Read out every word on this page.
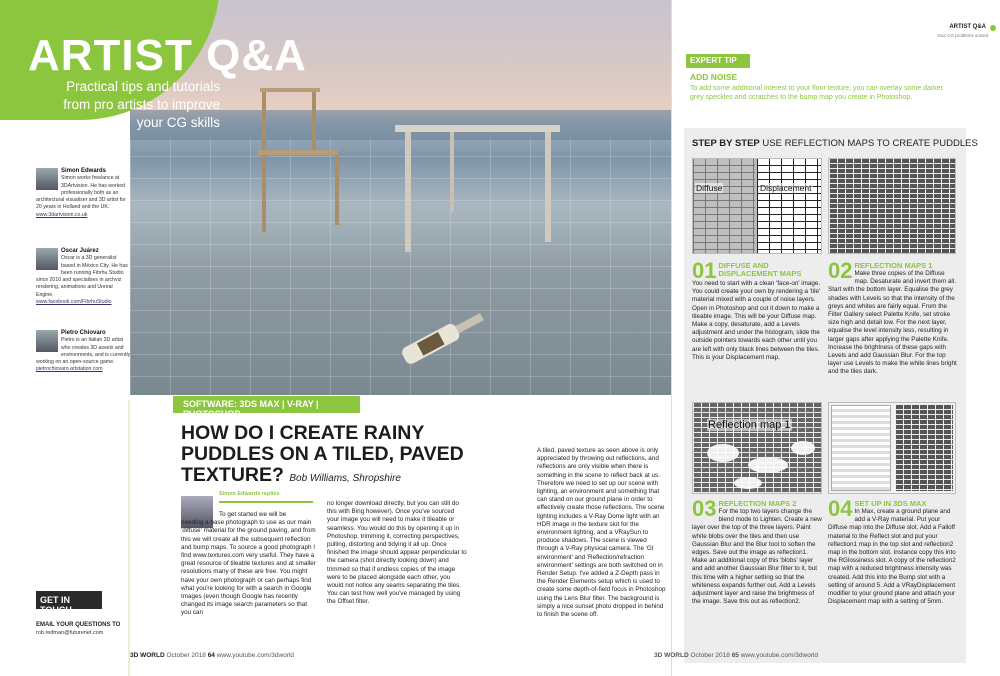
ARTIST Q&A
Practical tips and tutorials from pro artists to improve your CG skills
Simon Edwards
Simon works freelance at 3DArtvision. He has worked professionally both as an architectural visualiser and 3D artist for 20 years in Holland and the UK.
www.3dartvision.co.uk
Oscar Juárez
Oscar is a 3D generalist based in México City. He has been running Fibrhu Studio since 2010 and specialises in archviz rendering, animations and Unreal Engine.
www.facebook.com/FibrhuStudio
Pietro Chiovaro
Pietro is an Italian 3D artist who creates 3D assets and environments, and is currently working on an open-source game.
pietrochiovaro.artstation.com
GET IN TOUCH
EMAIL YOUR QUESTIONS TO
rob.redman@futurenet.com
SOFTWARE: 3DS MAX | V-RAY | PHOTOSHOP
HOW DO I CREATE RAINY PUDDLES ON A TILED, PAVED TEXTURE? Bob Williams, Shropshire
Simon Edwards replies
To get started we will be
needing a base photograph to use as our main 'diffuse' material for the ground paving, and from this we will create all the subsequent reflection and bump maps. To source a good photograph I find www.textures.com very useful. They have a great resource of tileable textures and at smaller resolutions many of these are free. You might have your own photograph or can perhaps find what you're looking for with a search in Google Images (even though Google has recently changed its image search parameters so that you can
no longer download directly, but you can still do this with Bing however). Once you've sourced your image you will need to make it tileable or seamless. You would do this by opening it up in Photoshop, trimming it, correcting perspectives, pulling, distorting and tidying it all up. Once finished the image should appear perpendicular to the camera (shot directly looking down) and trimmed so that if endless copies of the image were to be placed alongside each other, you would not notice any seams separating the tiles. You can test how well you've managed by using the Offset filter.
3D WORLD October 2018 64 www.youtube.com/3dworld
A tiled, paved texture as seen above is only appreciated by throwing out reflections, and reflections are only visible when there is something in the scene to reflect back at us. Therefore we need to set up our scene with lighting, an environment and something that can stand on our ground plane in order to effectively create those reflections. The scene lighting includes a V-Ray Dome light with an HDR image in the texture slot for the environment lighting, and a VRaySun to produce shadows. The scene is viewed through a V-Ray physical camera. The 'GI environment' and 'Reflection/refraction environment' settings are both switched on in Render Setup. I've added a Z-Depth pass in the Render Elements setup which is used to create some depth-of-field focus in Photoshop using the Lens Blur filter. The background is simply a nice sunset photo dropped in behind to finish the scene off.
ARTIST Q&A
Your CG problems solved
EXPERT TIP
ADD NOISE
To add some additional interest to your floor texture, you can overlay some darker grey speckles and scratches to the bump map you create in Photoshop.
STEP BY STEP USE REFLECTION MAPS TO CREATE PUDDLES
Diffuse	Displacement
01 DIFFUSE AND DISPLACEMENT MAPS
You need to start with a clean 'face-on' image. You could create your own by rendering a 'tile' material mixed with a couple of noise layers. Open in Photoshop and cut it down to make a tileable image. This will be your Diffuse map. Make a copy, desaturate, add a Levels adjustment and under the histogram, slide the outside pointers towards each other until you are left with only black lines between the tiles. This is your Displacement map.
02 REFLECTION MAPS 1
Make three copies of the Diffuse map. Desaturate and invert them all. Start with the bottom layer. Equalise the grey shades with Levels so that the intensity of the greys and whites are fairly equal. From the Filter Gallery select Palette Knife, set stroke size high and detail low. For the next layer, equalise the level intensity less, resulting in larger gaps after applying the Palette Knife. Increase the brightness of these gaps with Levels and add Gaussian Blur. For the top layer use Levels to make the white lines bright and the tiles dark.
Reflection map 1
03 REFLECTION MAPS 2
For the top two layers change the blend mode to Lighten. Create a new layer over the top of the three layers. Paint white blobs over the tiles and then use Gaussian Blur and the Blur tool to soften the edges. Save out the image as reflection1. Make an additional copy of this 'blobs' layer and add another Gaussian Blur filter to it, but this time with a higher setting so that the whiteness expands further out. Add a Levels adjustment layer and raise the brightness of the image. Save this out as reflection2.
04 SET UP IN 3DS MAX
In Max, create a ground plane and add a V-Ray material. Put your Diffuse map into the Diffuse slot. Add a Falloff material to the Reflect slot and put your reflection1 map in the top slot and reflection2 map in the bottom slot. Instance copy this into the RGlossiness slot. A copy of the reflection2 map with a reduced brightness intensity was created. Add this into the Bump slot with a setting of around 5. Add a VRayDisplacement modifier to your ground plane and attach your Displacement map with a setting of 5mm.
3D WORLD October 2018 65 www.youtube.com/3dworld
